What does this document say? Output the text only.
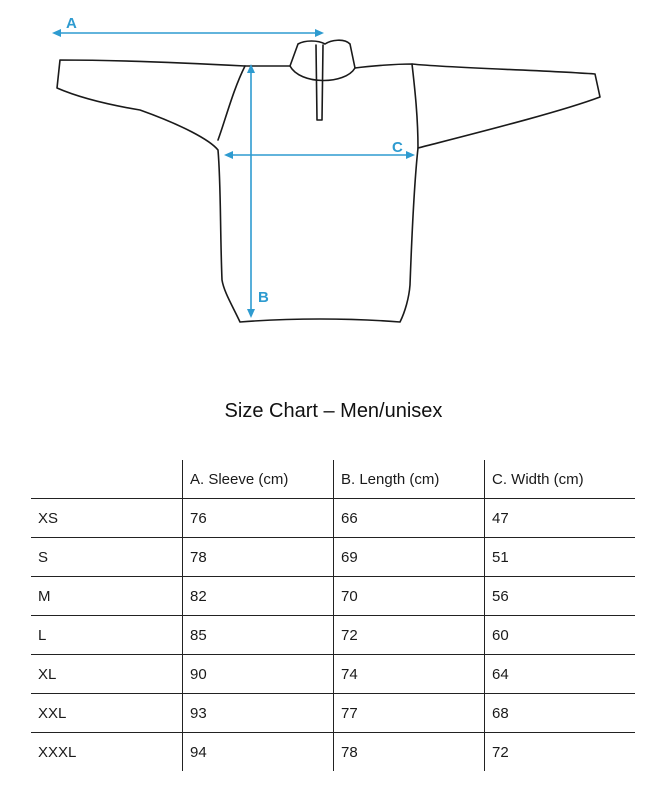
A
B
C
Size Chart – Men/unisex
	A. Sleeve (cm)	B. Length (cm)	C. Width (cm)
XS	76	66	47
S	78	69	51
M	82	70	56
L	85	72	60
XL	90	74	64
XXL	93	77	68
XXXL	94	78	72
